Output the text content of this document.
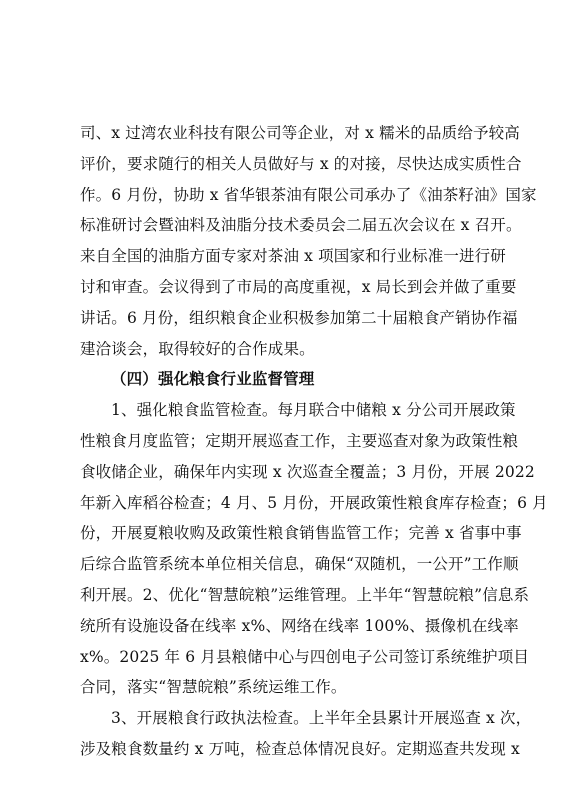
司、x 过湾农业科技有限公司等企业，对 x 糯米的品质给予较高
评价，要求随行的相关人员做好与 x 的对接，尽快达成实质性合
作。6 月份，协助 x 省华银茶油有限公司承办了《油茶籽油》国家
标准研讨会暨油料及油脂分技术委员会二届五次会议在 x 召开。
来自全国的油脂方面专家对茶油 x 项国家和行业标准一进行研
讨和审查。会议得到了市局的高度重视，x 局长到会并做了重要
讲话。6 月份，组织粮食企业积极参加第二十届粮食产销协作福
建洽谈会，取得较好的合作成果。
（四）强化粮食行业监督管理
1、强化粮食监管检查。每月联合中储粮 x 分公司开展政策
性粮食月度监管；定期开展巡查工作，主要巡查对象为政策性粮
食收储企业，确保年内实现 x 次巡查全覆盖；3 月份，开展 2022
年新入库稻谷检查；4 月、5 月份，开展政策性粮食库存检查；6 月
份，开展夏粮收购及政策性粮食销售监管工作；完善 x 省事中事
后综合监管系统本单位相关信息，确保“双随机，一公开”工作顺
利开展。2、优化“智慧皖粮”运维管理。上半年“智慧皖粮”信息系
统所有设施设备在线率 x%、网络在线率 100%、摄像机在线率
x%。2025 年 6 月县粮储中心与四创电子公司签订系统维护项目
合同，落实“智慧皖粮”系统运维工作。
3、开展粮食行政执法检查。上半年全县累计开展巡查 x 次，
涉及粮食数量约 x 万吨，检查总体情况良好。定期巡查共发现 x
